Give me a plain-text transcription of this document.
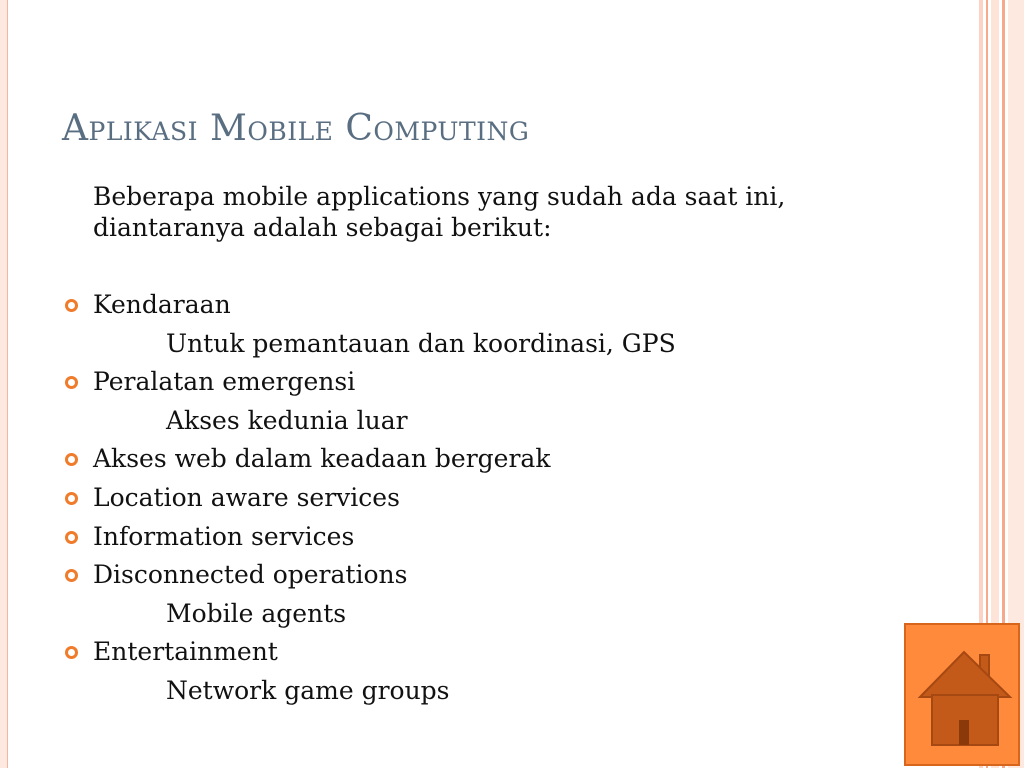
Aplikasi Mobile Computing
Beberapa mobile applications yang sudah ada saat ini, diantaranya adalah sebagai berikut:
Kendaraan
Untuk pemantauan dan koordinasi, GPS
Peralatan emergensi
Akses kedunia luar
Akses web dalam keadaan bergerak
Location aware services
Information services
Disconnected operations
Mobile agents
Entertainment
Network game groups
